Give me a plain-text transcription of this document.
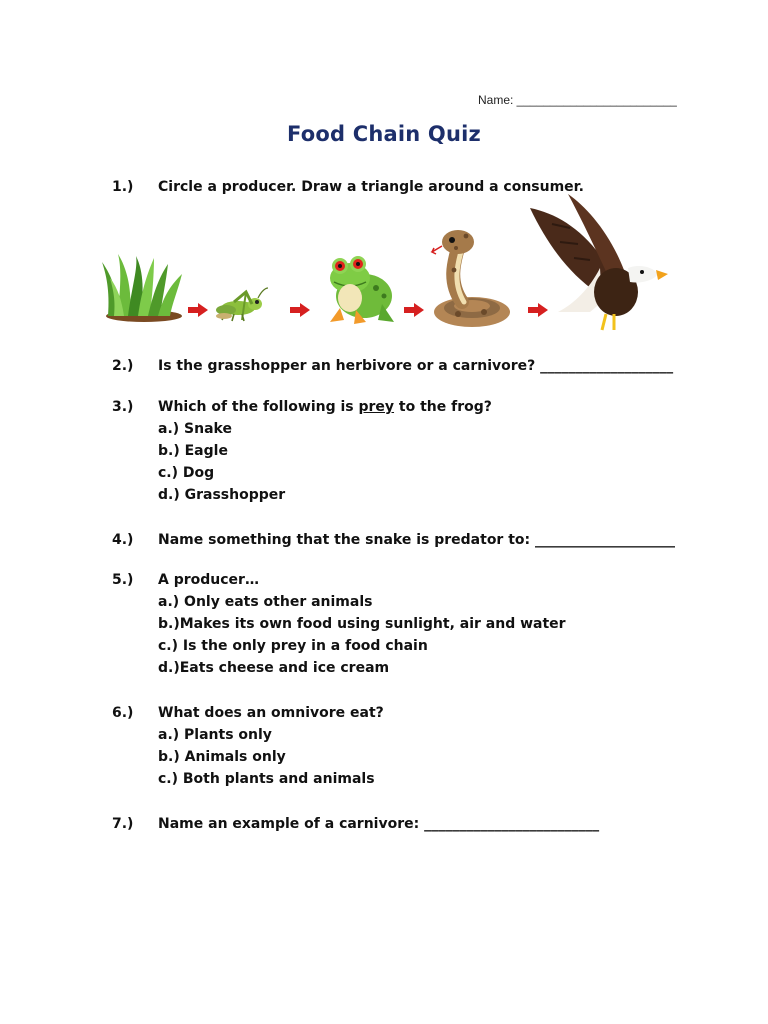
Name: ________________________
Food Chain Quiz
1.) Circle a producer. Draw a triangle around a consumer.
2.) Is the grasshopper an herbivore or a carnivore? ___________________
3.) Which of the following is prey to the frog?
a.) Snake
b.) Eagle
c.) Dog
d.) Grasshopper
4.) Name something that the snake is predator to: ____________________
5.) A producer…
a.) Only eats other animals
b.)Makes its own food using sunlight, air and water
c.) Is the only prey in a food chain
d.)Eats cheese and ice cream
6.) What does an omnivore eat?
a.) Plants only
b.) Animals only
c.) Both plants and animals
7.) Name an example of a carnivore: _________________________
